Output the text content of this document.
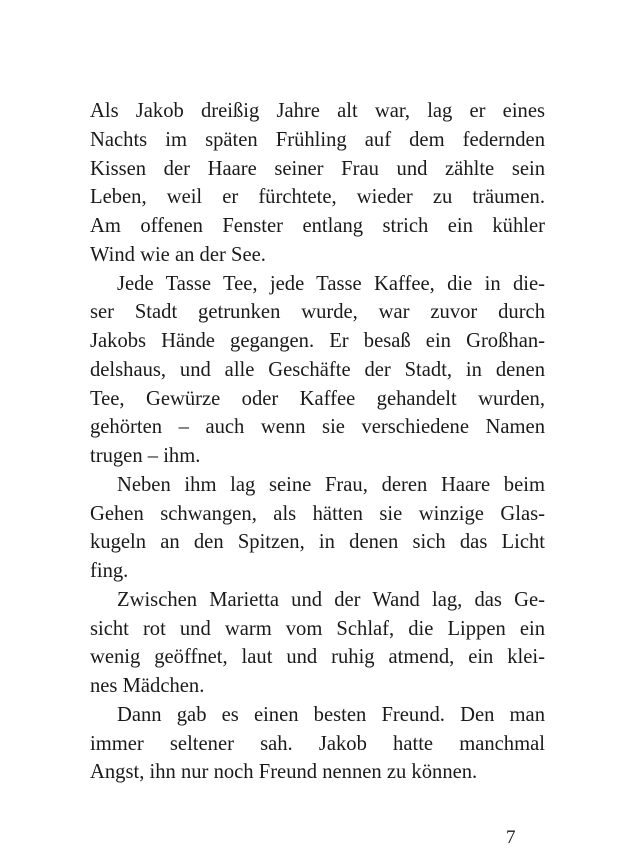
Als Jakob dreißig Jahre alt war, lag er eines
Nachts im späten Frühling auf dem federnden
Kissen der Haare seiner Frau und zählte sein
Leben, weil er fürchtete, wieder zu träumen.
Am offenen Fenster entlang strich ein kühler
Wind wie an der See.
Jede Tasse Tee, jede Tasse Kaffee, die in die-
ser Stadt getrunken wurde, war zuvor durch
Jakobs Hände gegangen. Er besaß ein Großhan-
delshaus, und alle Geschäfte der Stadt, in denen
Tee, Gewürze oder Kaffee gehandelt wurden,
gehörten – auch wenn sie verschiedene Namen
trugen – ihm.
Neben ihm lag seine Frau, deren Haare beim
Gehen schwangen, als hätten sie winzige Glas-
kugeln an den Spitzen, in denen sich das Licht
fing.
Zwischen Marietta und der Wand lag, das Ge-
sicht rot und warm vom Schlaf, die Lippen ein
wenig geöffnet, laut und ruhig atmend, ein klei-
nes Mädchen.
Dann gab es einen besten Freund. Den man
immer seltener sah. Jakob hatte manchmal
Angst, ihn nur noch Freund nennen zu können.
7
